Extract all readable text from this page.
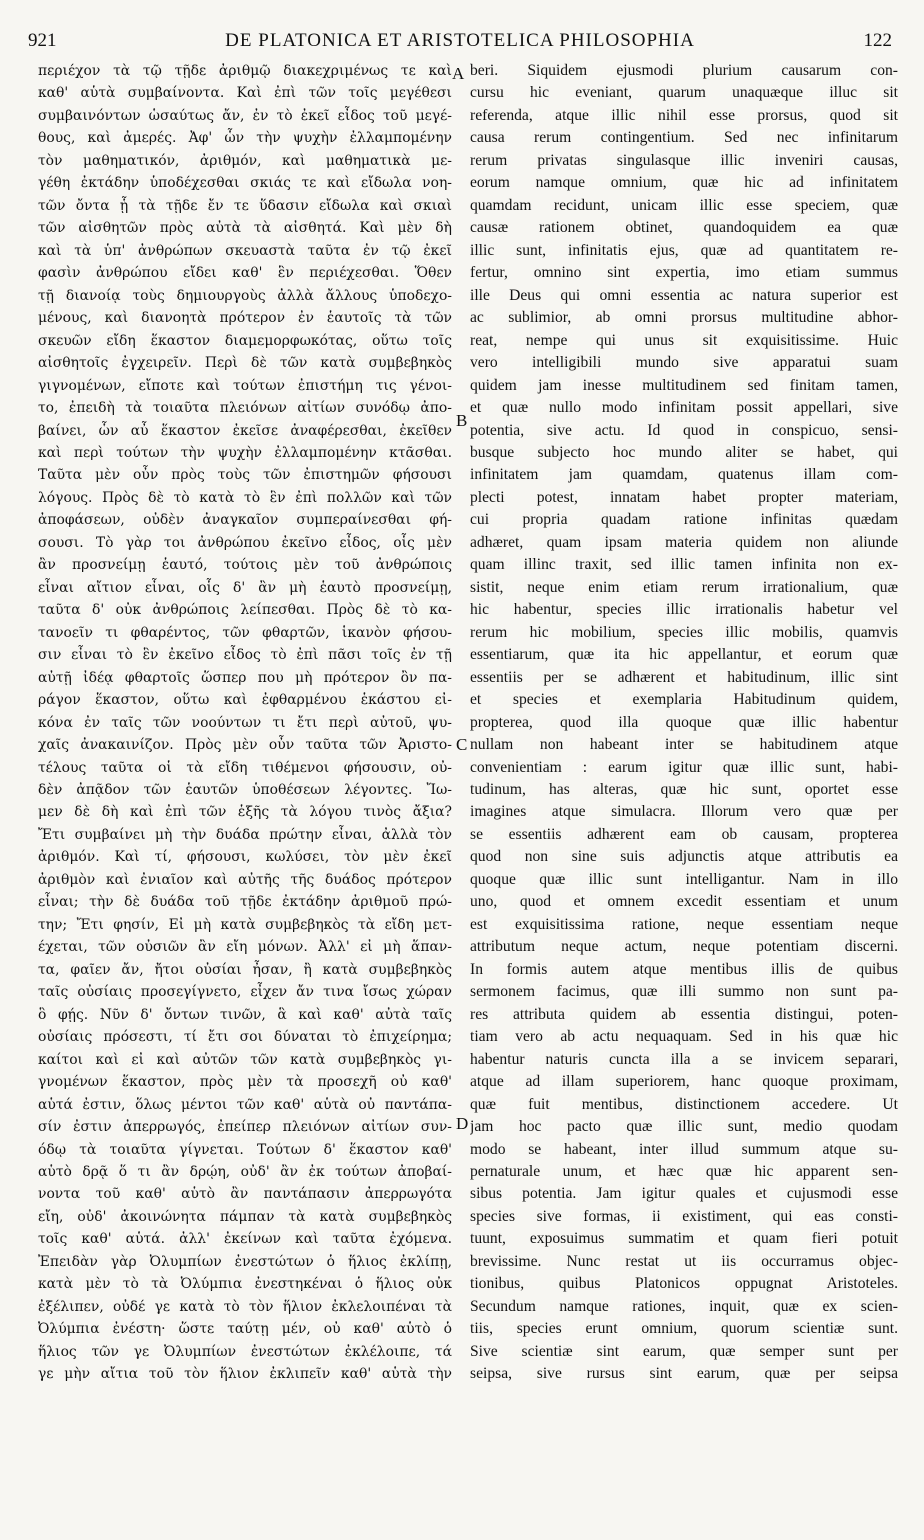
921	DE PLATONICA ET ARISTOTELICA PHILOSOPHIA	122
περιέχον τὰ τῷ τῇδε ἀριθμῷ διακεχριμένως τε καὶ
καθ' αὑτὰ συμβαίνοντα. Καὶ ἐπὶ τῶν τοῖς μεγέθεσι
συμβαινόντων ὡσαύτως ἄν, ἐν τὸ ἐκεῖ εἶδος τοῦ μεγέ-
θους, καὶ ἀμερές. Ἀφ' ὧν τὴν ψυχὴν ἐλλαμπομένην
τὸν μαθηματικόν, ἀριθμόν, καὶ μαθηματικὰ με-
γέθη ἐκτάδην ὑποδέχεσθαι σκιάς τε καὶ εἴδωλα νοη-
τῶν ὄντα ᾗ τὰ τῇδε ἔν τε ὕδασιν εἴδωλα καὶ σκιαὶ
τῶν αἰσθητῶν πρὸς αὐτὰ τὰ αἰσθητά. Καὶ μὲν δὴ
καὶ τὰ ὑπ' ἀνθρώπων σκευαστὰ ταῦτα ἐν τῷ ἐκεῖ
φασὶν ἀνθρώπου εἴδει καθ' ἓν περιέχεσθαι. Ὅθεν
τῇ διανοίᾳ τοὺς δημιουργοὺς ἀλλὰ ἄλλους ὑποδεχο-
μένους, καὶ διανοητὰ πρότερον ἐν ἑαυτοῖς τὰ τῶν
σκευῶν εἴδη ἕκαστον διαμεμορφωκότας, οὕτω τοῖς
αἰσθητοῖς ἐγχειρεῖν. Περὶ δὲ τῶν κατὰ συμβεβηκὸς
γιγνομένων, εἴποτε καὶ τούτων ἐπιστήμη τις γένοι-
το, ἐπειδὴ τὰ τοιαῦτα πλειόνων αἰτίων συνόδῳ ἀπο-
βαίνει, ὧν αὖ ἕκαστον ἐκεῖσε ἀναφέρεσθαι, ἐκεῖθεν
καὶ περὶ τούτων τὴν ψυχὴν ἐλλαμπομένην κτᾶσθαι.
Ταῦτα μὲν οὖν πρὸς τοὺς τῶν ἐπιστημῶν φήσουσι
λόγους. Πρὸς δὲ τὸ κατὰ τὸ ἓν ἐπὶ πολλῶν καὶ τῶν
ἀποφάσεων, οὐδὲν ἀναγκαῖον συμπεραίνεσθαι φή-
σουσι. Τὸ γὰρ τοι ἀνθρώπου ἐκεῖνο εἶδος, οἷς μὲν
ἂν προσνείμῃ ἑαυτό, τούτοις μὲν τοῦ ἀνθρώποις
εἶναι αἴτιον εἶναι, οἷς δ' ἂν μὴ ἑαυτὸ προσνείμῃ,
ταῦτα δ' οὐκ ἀνθρώποις λείπεσθαι. Πρὸς δὲ τὸ κα-
τανοεῖν τι φθαρέντος, τῶν φθαρτῶν, ἱκανὸν φήσου-
σιν εἶναι τὸ ἓν ἐκεῖνο εἶδος τὸ ἐπὶ πᾶσι τοῖς ἐν τῇ
αὐτῇ ἰδέᾳ φθαρτοῖς ὥσπερ που μὴ πρότερον ὂν πα-
ράγον ἕκαστον, οὕτω καὶ ἐφθαρμένου ἑκάστου εἰ-
κόνα ἐν ταῖς τῶν νοούντων τι ἔτι περὶ αὐτοῦ, ψυ-
χαῖς ἀνακαινίζον. Πρὸς μὲν οὖν ταῦτα τῶν Ἀριστο-
τέλους ταῦτα οἱ τὰ εἴδη τιθέμενοι φήσουσιν, οὐ-
δὲν ἀπᾷδον τῶν ἑαυτῶν ὑποθέσεων λέγοντες. Ἴω-
μεν δὲ δὴ καὶ ἐπὶ τῶν ἑξῆς τὰ λόγου τινὸς ἄξια?
Ἔτι συμβαίνει μὴ τὴν δυάδα πρώτην εἶναι, ἀλλὰ τὸν
ἀριθμόν. Καὶ τί, φήσουσι, κωλύσει, τὸν μὲν ἐκεῖ
ἀριθμὸν καὶ ἐνιαῖον καὶ αὐτῆς τῆς δυάδος πρότερον
εἶναι; τὴν δὲ δυάδα τοῦ τῇδε ἐκτάδην ἀριθμοῦ πρώ-
την; Ἔτι φησίν, Εἰ μὴ κατὰ συμβεβηκὸς τὰ εἴδη μετ-
έχεται, τῶν οὐσιῶν ἂν εἴη μόνων. Ἀλλ' εἰ μὴ ἅπαν-
τα, φαῖεν ἄν, ἤτοι οὐσίαι ἦσαν, ἢ κατὰ συμβεβηκὸς
ταῖς οὐσίαις προσεγίγνετο, εἶχεν ἄν τινα ἴσως χώραν
ὃ φῄς. Νῦν δ' ὄντων τινῶν, ἃ καὶ καθ' αὐτὰ ταῖς
οὐσίαις πρόσεστι, τί ἔτι σοι δύναται τὸ ἐπιχείρημα;
καίτοι καὶ εἰ καὶ αὐτῶν τῶν κατὰ συμβεβηκὸς γι-
γνομένων ἕκαστον, πρὸς μὲν τὰ προσεχῆ οὐ καθ'
αὑτά ἐστιν, ὅλως μέντοι τῶν καθ' αὑτὰ οὐ παντάπα-
σίν ἐστιν ἀπερρωγός, ἐπείπερ πλειόνων αἰτίων συν-
όδῳ τὰ τοιαῦτα γίγνεται. Τούτων δ' ἕκαστον καθ'
αὑτὸ δρᾷ ὅ τι ἂν δρῴη, οὐδ' ἂν ἐκ τούτων ἀποβαί-
νοντα τοῦ καθ' αὑτὸ ἂν παντάπασιν ἀπερρωγότα
εἴη, οὐδ' ἀκοινώνητα πάμπαν τὰ κατὰ συμβεβηκὸς
τοῖς καθ' αὑτά. ἀλλ' ἐκείνων καὶ ταῦτα ἐχόμενα.
Ἐπειδὰν γὰρ Ὀλυμπίων ἐνεστώτων ὁ ἥλιος ἐκλίπῃ,
κατὰ μὲν τὸ τὰ Ὀλύμπια ἐνεστηκέναι ὁ ἥλιος οὐκ
ἐξέλιπεν, οὐδέ γε κατὰ τὸ τὸν ἥλιον ἐκλελοιπέναι τὰ
Ὀλύμπια ἐνέστη· ὥστε ταύτῃ μέν, οὐ καθ' αὑτὸ ὁ
ἥλιος τῶν γε Ὀλυμπίων ἐνεστώτων ἐκλέλοιπε, τά
γε μὴν αἴτια τοῦ τὸν ἥλιον ἐκλιπεῖν καθ' αὑτὰ τὴν
beri. Siquidem ejusmodi plurium causarum con-
cursu hic eveniant, quarum unaquæque illuc sit
referenda, atque illic nihil esse prorsus, quod sit
causa rerum contingentium. Sed nec infinitarum
rerum privatas singulasque illic inveniri causas,
eorum namque omnium, quæ hic ad infinitatem
quamdam recidunt, unicam illic esse speciem, quæ
causæ rationem obtinet, quandoquidem ea quæ
illic sunt, infinitatis ejus, quæ ad quantitatem re-
fertur, omnino sint expertia, imo etiam summus
ille Deus qui omni essentia ac natura superior est
ac sublimior, ab omni prorsus multitudine abhor-
reat, nempe qui unus sit exquisitissime. Huic
vero intelligibili mundo sive apparatui suam
quidem jam inesse multitudinem sed finitam tamen,
et quæ nullo modo infinitam possit appellari, sive
potentia, sive actu. Id quod in conspicuo, sensi-
busque subjecto hoc mundo aliter se habet, qui
infinitatem jam quamdam, quatenus illam com-
plecti potest, innatam habet propter materiam,
cui propria quadam ratione infinitas quædam
adhæret, quam ipsam materia quidem non aliunde
quam illinc traxit, sed illic tamen infinita non ex-
sistit, neque enim etiam rerum irrationalium, quæ
hic habentur, species illic irrationalis habetur vel
rerum hic mobilium, species illic mobilis, quamvis
essentiarum, quæ ita hic appellantur, et eorum quæ
essentiis per se adhærent et habitudinum, illic sint
et species et exemplaria Habitudinum quidem,
propterea, quod illa quoque quæ illic habentur
nullam non habeant inter se habitudinem atque
convenientiam : earum igitur quæ illic sunt, habi-
tudinum, has alteras, quæ hic sunt, oportet esse
imagines atque simulacra. Illorum vero quæ per
se essentiis adhærent eam ob causam, propterea
quod non sine suis adjunctis atque attributis ea
quoque quæ illic sunt intelligantur. Nam in illo
uno, quod et omnem excedit essentiam et unum
est exquisitissima ratione, neque essentiam neque
attributum neque actum, neque potentiam discerni.
In formis autem atque mentibus illis de quibus
sermonem facimus, quæ illi summo non sunt pa-
res attributa quidem ab essentia distingui, poten-
tiam vero ab actu nequaquam. Sed in his quæ hic
habentur naturis cuncta illa a se invicem separari,
atque ad illam superiorem, hanc quoque proximam,
quæ fuit mentibus, distinctionem accedere. Ut
jam hoc pacto quæ illic sunt, medio quodam
modo se habeant, inter illud summum atque su-
pernaturale unum, et hæc quæ hic apparent sen-
sibus potentia. Jam igitur quales et cujusmodi esse
species sive formas, ii existiment, qui eas consti-
tuunt, exposuimus summatim et quam fieri potuit
brevissime. Nunc restat ut iis occurramus objec-
tionibus, quibus Platonicos oppugnat Aristoteles.
Secundum namque rationes, inquit, quæ ex scien-
tiis, species erunt omnium, quorum scientiæ sunt.
Sive scientiæ sint earum, quæ semper sunt per
seipsa, sive rursus sint earum, quæ per seipsa
A
B
C
D
